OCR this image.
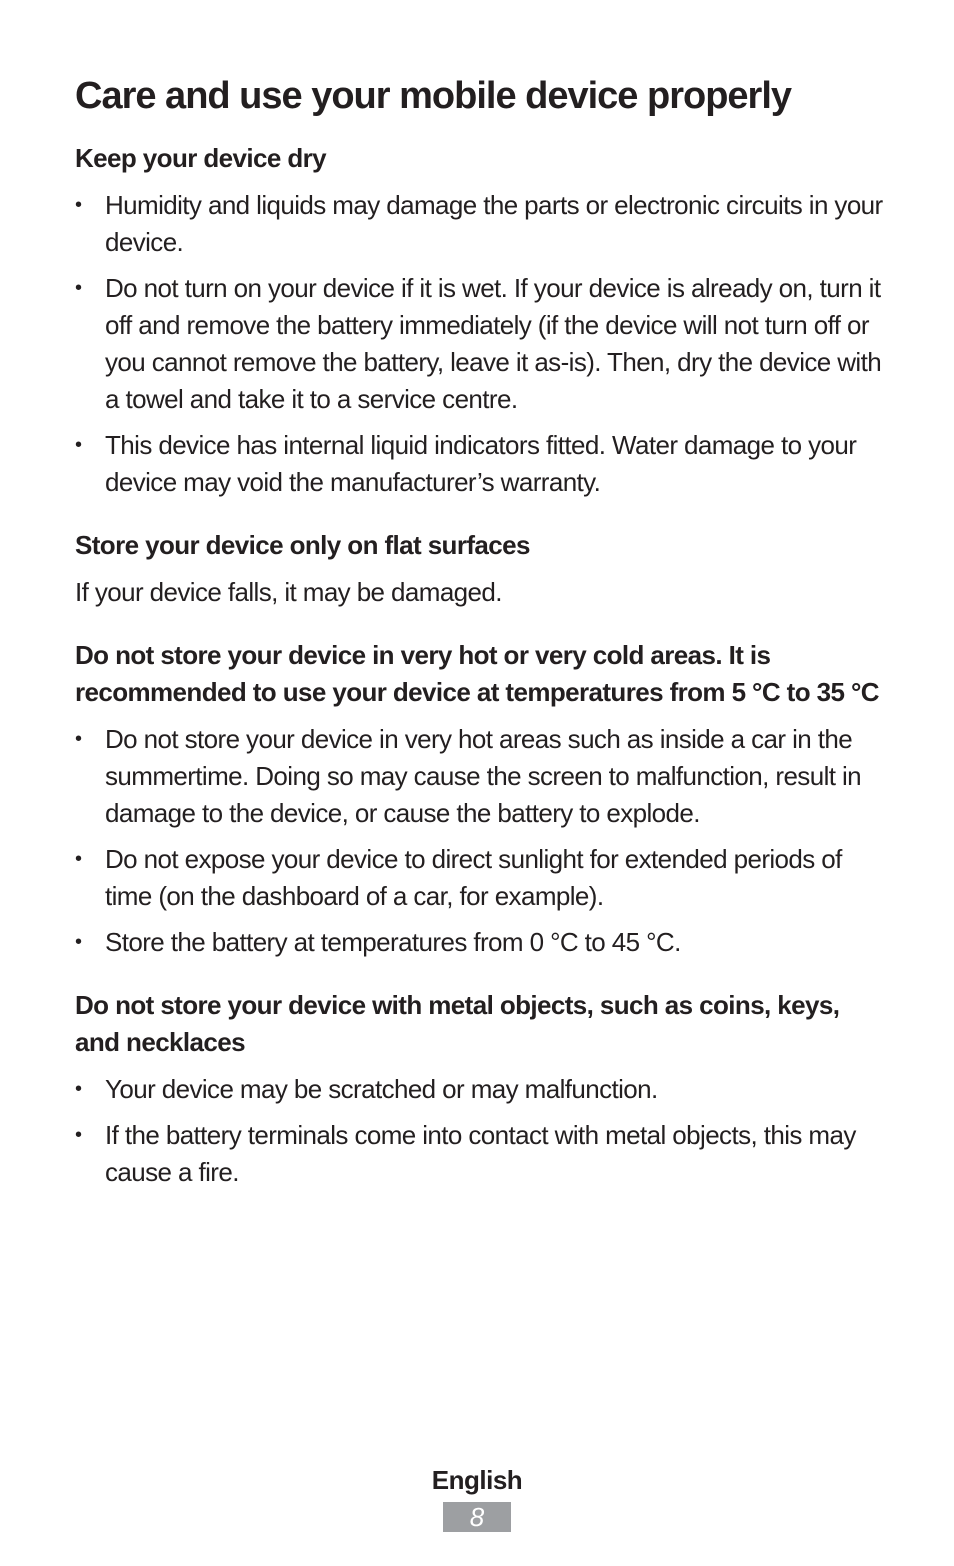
Care and use your mobile device properly
Keep your device dry
• Humidity and liquids may damage the parts or electronic circuits in your device.
• Do not turn on your device if it is wet. If your device is already on, turn it off and remove the battery immediately (if the device will not turn off or you cannot remove the battery, leave it as-is). Then, dry the device with a towel and take it to a service centre.
• This device has internal liquid indicators fitted. Water damage to your device may void the manufacturer’s warranty.
Store your device only on flat surfaces

If your device falls, it may be damaged.

Do not store your device in very hot or very cold areas. It is recommended to use your device at temperatures from 5 °C to 35 °C
• Do not store your device in very hot areas such as inside a car in the summertime. Doing so may cause the screen to malfunction, result in damage to the device, or cause the battery to explode.
• Do not expose your device to direct sunlight for extended periods of time (on the dashboard of a car, for example).
• Store the battery at temperatures from 0 °C to 45 °C.
Do not store your device with metal objects, such as coins, keys, and necklaces
• Your device may be scratched or may malfunction.
• If the battery terminals come into contact with metal objects, this may cause a fire.
English
8
